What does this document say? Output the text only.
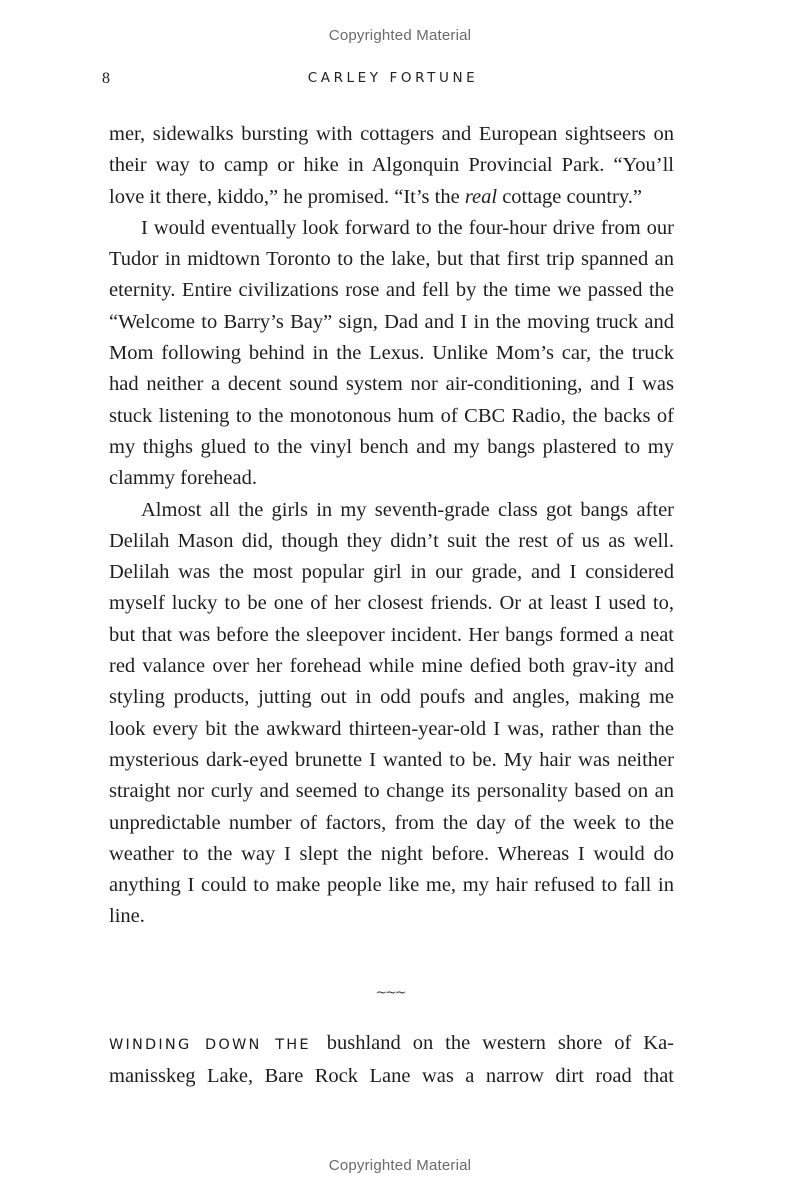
Copyrighted Material
8	CARLEY FORTUNE

mer, sidewalks bursting with cottagers and European sightseers on their way to camp or hike in Algonquin Provincial Park. “You’ll love it there, kiddo,” he promised. “It’s the real cottage country.”

I would eventually look forward to the four-hour drive from our Tudor in midtown Toronto to the lake, but that first trip spanned an eternity. Entire civilizations rose and fell by the time we passed the “Welcome to Barry’s Bay” sign, Dad and I in the moving truck and Mom following behind in the Lexus. Unlike Mom’s car, the truck had neither a decent sound system nor air-conditioning, and I was stuck listening to the monotonous hum of CBC Radio, the backs of my thighs glued to the vinyl bench and my bangs plastered to my clammy forehead.

Almost all the girls in my seventh-grade class got bangs after Delilah Mason did, though they didn’t suit the rest of us as well. Delilah was the most popular girl in our grade, and I considered myself lucky to be one of her closest friends. Or at least I used to, but that was before the sleepover incident. Her bangs formed a neat red valance over her forehead while mine defied both grav-ity and styling products, jutting out in odd poufs and angles, making me look every bit the awkward thirteen-year-old I was, rather than the mysterious dark-eyed brunette I wanted to be. My hair was neither straight nor curly and seemed to change its personality based on an unpredictable number of factors, from the day of the week to the weather to the way I slept the night before. Whereas I would do anything I could to make people like me, my hair refused to fall in line.

~~~

WINDING DOWN THE bushland on the western shore of Ka-manisskeg Lake, Bare Rock Lane was a narrow dirt road that

Copyrighted Material
